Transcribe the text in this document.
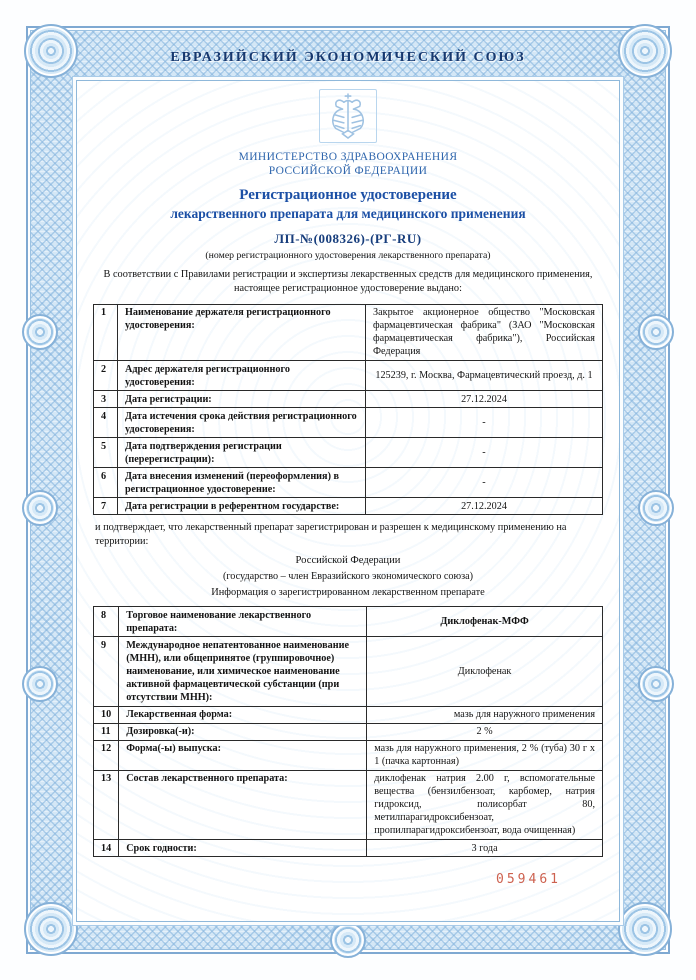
ЕВРАЗИЙСКИЙ ЭКОНОМИЧЕСКИЙ СОЮЗ
МИНИСТЕРСТВО ЗДРАВООХРАНЕНИЯ
РОССИЙСКОЙ ФЕДЕРАЦИИ
Регистрационное удостоверение
лекарственного препарата для медицинского применения
ЛП-№(008326)-(РГ-RU)
(номер регистрационного удостоверения лекарственного препарата)

В соответствии с Правилами регистрации и экспертизы лекарственных средств для медицинского применения, настоящее регистрационное удостоверение выдано:

1	Наименование держателя регистрационного удостоверения:	Закрытое акционерное общество "Московская фармацевтическая фабрика" (ЗАО "Московская фармацевтическая фабрика"), Российская Федерация
2	Адрес держателя регистрационного удостоверения:	125239, г. Москва, Фармацевтический проезд, д. 1
3	Дата регистрации:	27.12.2024
4	Дата истечения срока действия регистрационного удостоверения:	-
5	Дата подтверждения регистрации (перерегистрации):	-
6	Дата внесения изменений (переоформления) в регистрационное удостоверение:	-
7	Дата регистрации в референтном государстве:	27.12.2024

и подтверждает, что лекарственный препарат зарегистрирован и разрешен к медицинскому применению на территории:

Российской Федерации
(государство – член Евразийского экономического союза)
Информация о зарегистрированном лекарственном препарате
8	Торговое наименование лекарственного препарата:	Диклофенак-МФФ
9	Международное непатентованное наименование (МНН), или общепринятое (группировочное) наименование, или химическое наименование активной фармацевтической субстанции (при отсутствии МНН):	Диклофенак
10	Лекарственная форма:	мазь для наружного применения
11	Дозировка(-и):	2 %
12	Форма(-ы) выпуска:	мазь для наружного применения, 2 % (туба) 30 г х 1 (пачка картонная)
13	Состав лекарственного препарата:	диклофенак натрия 2.00 г, вспомогательные вещества (бензилбензоат, карбомер, натрия гидроксид, полисорбат 80, метилпарагидроксибензоат, пропилпарагидроксибензоат, вода очищенная)
14	Срок годности:	3 года
059461
